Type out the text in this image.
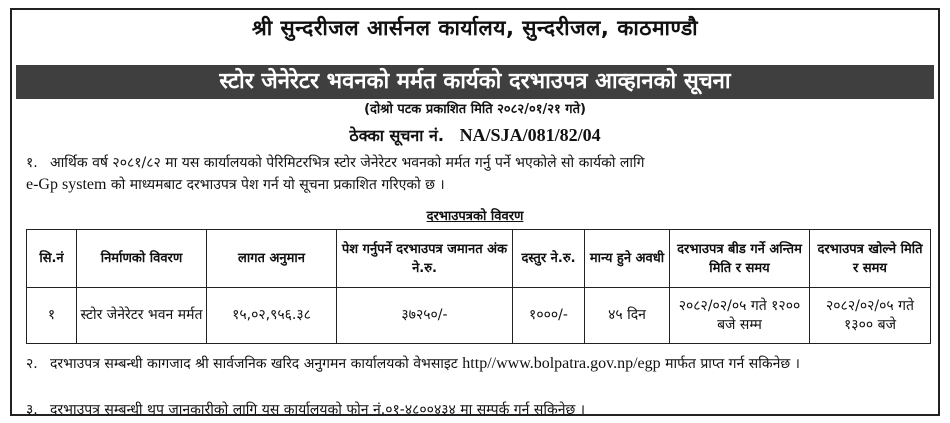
श्री सुन्दरीजल आर्सनल कार्यालय, सुन्दरीजल, काठमाण्डौ
स्टोर जेनेरेटर भवनको मर्मत कार्यको दरभाउपत्र आव्हानको सूचना
(दोश्रो पटक प्रकाशित मिति २०८२/०१/२१ गते)
ठेक्का सूचना नं. NA/SJA/081/82/04
१. आर्थिक वर्ष २०८१/८२ मा यस कार्यालयको पेरिमिटरभित्र स्टोर जेनेरेटर भवनको मर्मत गर्नु पर्ने भएकोले सो कार्यको लागि
e-Gp system को माध्यमबाट दरभाउपत्र पेश गर्न यो सूचना प्रकाशित गरिएको छ ।
दरभाउपत्रको विवरण
सि.नं	निर्माणको विवरण	लागत अनुमान	पेश गर्नुपर्ने दरभाउपत्र जमानत अंक ने.रु.	दस्तुर ने.रु.	मान्य हुने अवधी	दरभाउपत्र बीड गर्ने अन्तिम मिति र समय	दरभाउपत्र खोल्ने मिति र समय
१	स्टोर जेनेरेटर भवन मर्मत	१५,०२,९५६.३८	३७२५०/-	१०००/-	४५ दिन	२०८२/०२/०५ गते १२०० बजे सम्म	२०८२/०२/०५ गते १३०० बजे
२. दरभाउपत्र सम्बन्धी कागजाद श्री सार्वजनिक खरिद अनुगमन कार्यालयको वेभसाइट http//www.bolpatra.gov.np/egp मार्फत प्राप्त गर्न सकिनेछ ।
३. दरभाउपत्र सम्बन्धी थप जानकारीको लागि यस कार्यालयको फोन नं.०१-४८००४३४ मा सम्पर्क गर्न सकिनेछ ।
